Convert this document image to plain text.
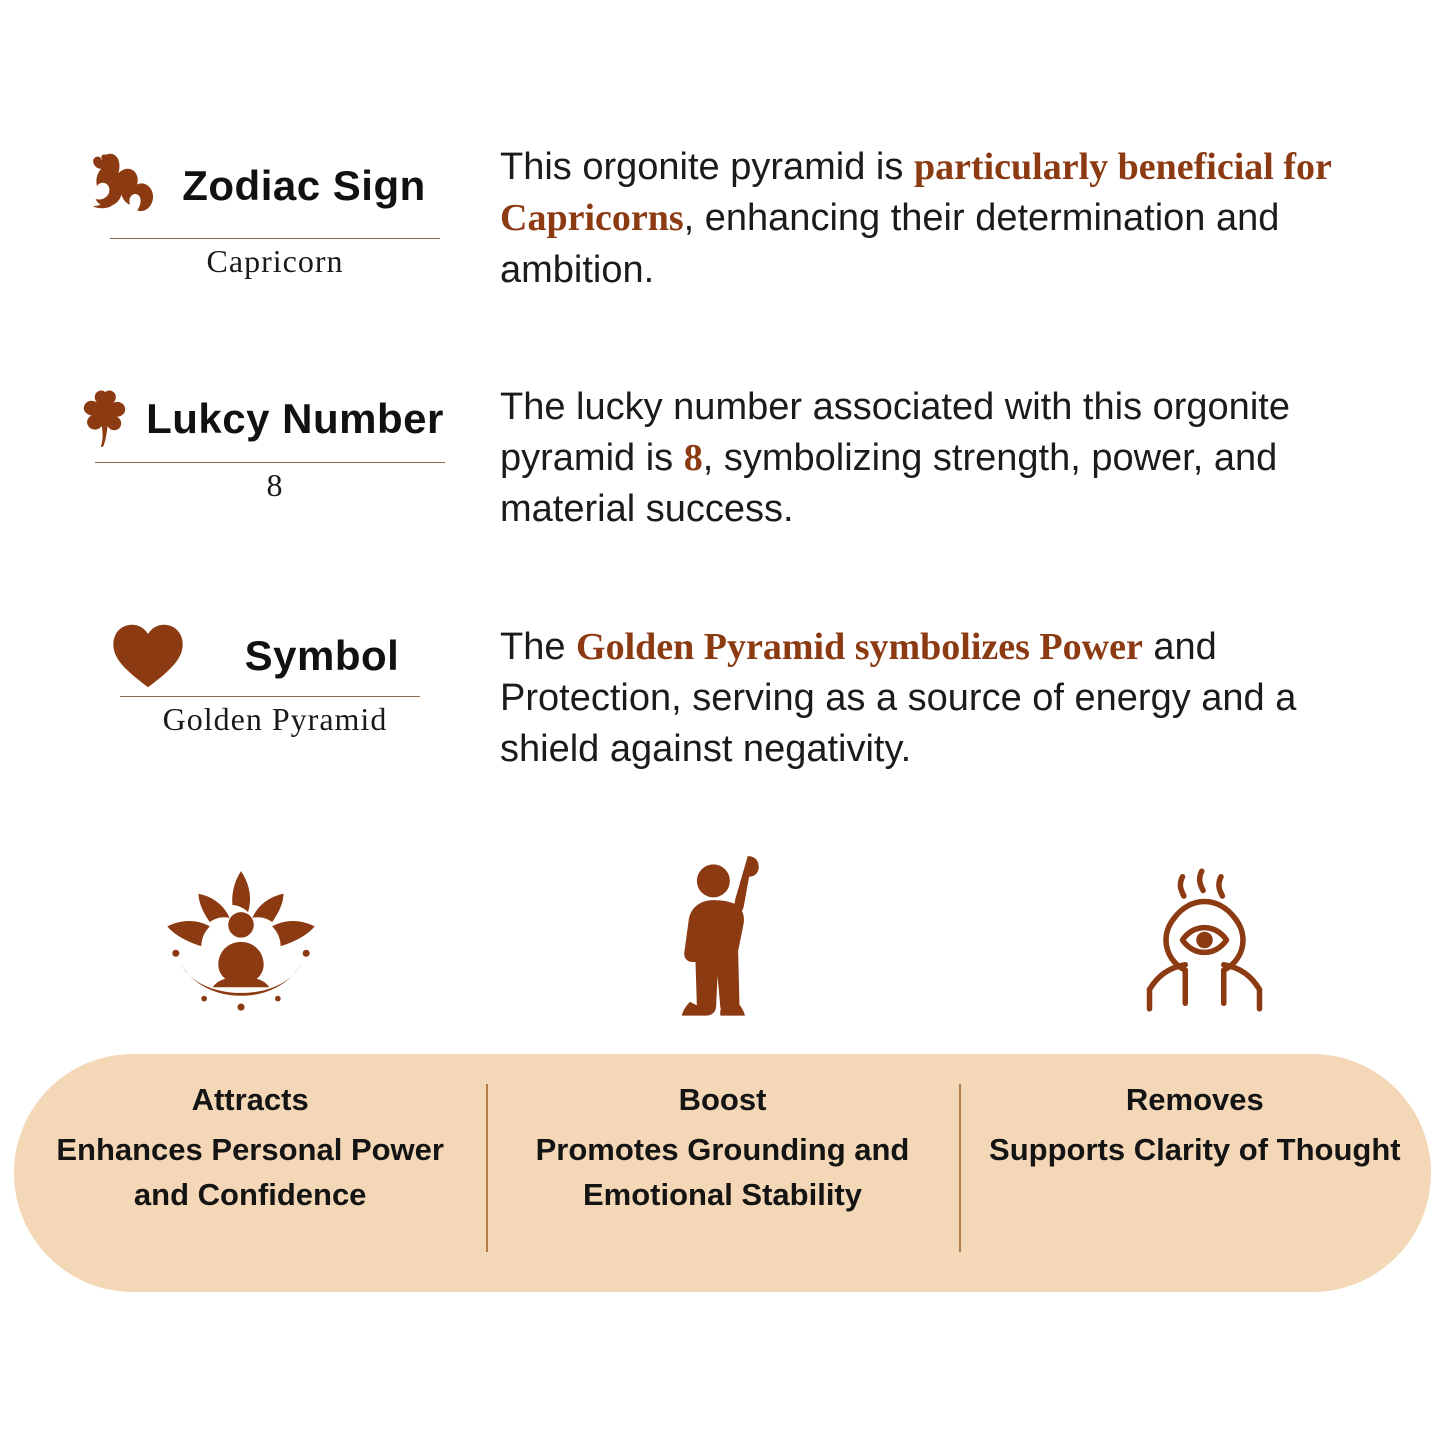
Zodiac Sign
Capricorn
This orgonite pyramid is particularly beneficial for Capricorns, enhancing their determination and ambition.
Lukcy Number
8
The lucky number associated with this orgonite pyramid is 8, symbolizing strength, power, and material success.
Symbol
Golden Pyramid
The Golden Pyramid symbolizes Power and Protection, serving as a source of energy and a shield against negativity.
Attracts
Enhances Personal Power and Confidence
Boost
Promotes Grounding and Emotional Stability
Removes
Supports Clarity of Thought
